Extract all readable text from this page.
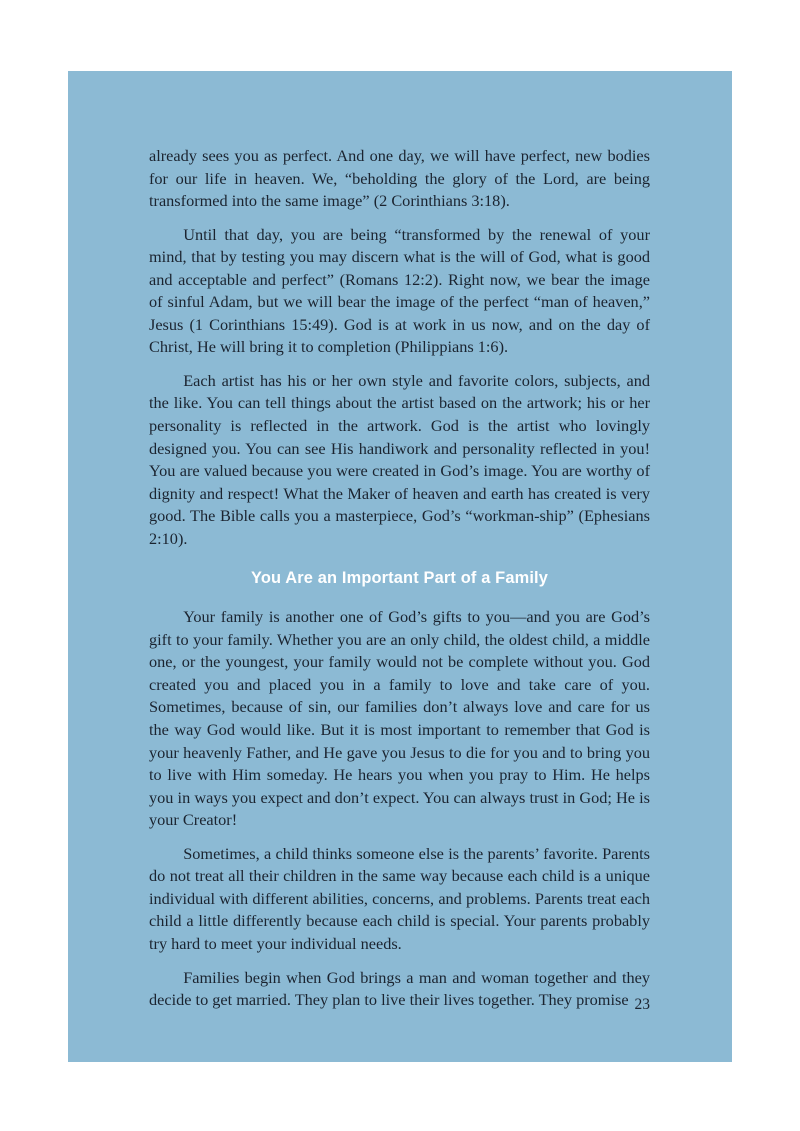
already sees you as perfect. And one day, we will have perfect, new bodies for our life in heaven. We, “beholding the glory of the Lord, are being transformed into the same image” (2 Corinthians 3:18).

Until that day, you are being “transformed by the renewal of your mind, that by testing you may discern what is the will of God, what is good and acceptable and perfect” (Romans 12:2). Right now, we bear the image of sinful Adam, but we will bear the image of the perfect “man of heaven,” Jesus (1 Corinthians 15:49). God is at work in us now, and on the day of Christ, He will bring it to completion (Philippians 1:6).

Each artist has his or her own style and favorite colors, subjects, and the like. You can tell things about the artist based on the artwork; his or her personality is reflected in the artwork. God is the artist who lovingly designed you. You can see His handiwork and personality reflected in you! You are valued because you were created in God’s image. You are worthy of dignity and respect! What the Maker of heaven and earth has created is very good. The Bible calls you a masterpiece, God’s “workman-ship” (Ephesians 2:10).

You Are an Important Part of a Family

Your family is another one of God’s gifts to you—and you are God’s gift to your family. Whether you are an only child, the oldest child, a middle one, or the youngest, your family would not be complete without you. God created you and placed you in a family to love and take care of you. Sometimes, because of sin, our families don’t always love and care for us the way God would like. But it is most important to remember that God is your heavenly Father, and He gave you Jesus to die for you and to bring you to live with Him someday. He hears you when you pray to Him. He helps you in ways you expect and don’t expect. You can always trust in God; He is your Creator!

Sometimes, a child thinks someone else is the parents’ favorite. Parents do not treat all their children in the same way because each child is a unique individual with different abilities, concerns, and problems. Parents treat each child a little differently because each child is special. Your parents probably try hard to meet your individual needs.

Families begin when God brings a man and woman together and they decide to get married. They plan to live their lives together. They promise 23
